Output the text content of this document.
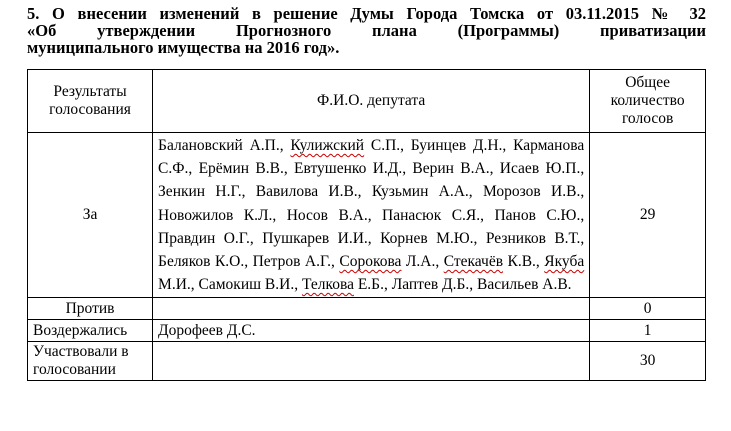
5. О внесении изменений в решение Думы Города Томска от 03.11.2015 № 32
«Об утверждении Прогнозного плана (Программы) приватизации
муниципального имущества на 2016 год».
Результаты голосования	Ф.И.О. депутата	Общее количество голосов
За	Балановский А.П., Кулижский С.П., Буинцев Д.Н., Карманова С.Ф., Ерёмин В.В., Евтушенко И.Д., Верин В.А., Исаев Ю.П., Зенкин Н.Г., Вавилова И.В., Кузьмин А.А., Морозов И.В., Новожилов К.Л., Носов В.А., Панасюк С.Я., Панов С.Ю., Правдин О.Г., Пушкарев И.И., Корнев М.Ю., Резников В.Т., Беляков К.О., Петров А.Г., Сорокова Л.А., Стекачёв К.В., Якуба М.И., Самокиш В.И., Телкова Е.Б., Лаптев Д.Б., Васильев А.В.	29
Против		0
Воздержались	Дорофеев Д.С.	1
Участвовали в голосовании		30
